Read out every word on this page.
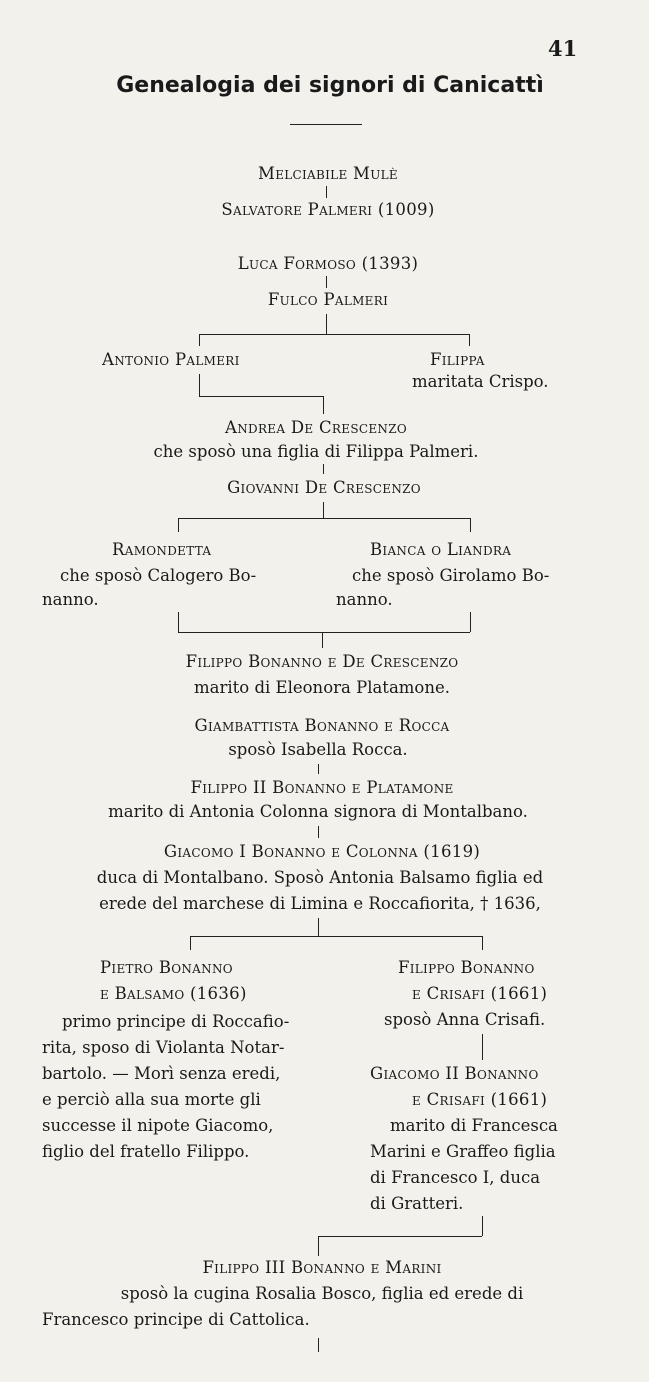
41
Genealogia dei signori di Canicattì
Melciabile Mulè
Salvatore Palmeri (1009)
Luca Formoso (1393)
Fulco Palmeri
Antonio Palmeri	Filippa
maritata Crispo.
Andrea De Crescenzo
che sposò una figlia di Filippa Palmeri.
Giovanni De Crescenzo
Ramondetta
che sposò Calogero Bo-
nanno.
Bianca o Liandra
che sposò Girolamo Bo-
nanno.
Filippo Bonanno e De Crescenzo
marito di Eleonora Platamone.
Giambattista Bonanno e Rocca
sposò Isabella Rocca.
Filippo II Bonanno e Platamone
marito di Antonia Colonna signora di Montalbano.
Giacomo I Bonanno e Colonna (1619)
duca di Montalbano. Sposò Antonia Balsamo figlia ed
erede del marchese di Limina e Roccafiorita, † 1636,
Pietro Bonanno
e Balsamo (1636)
primo principe di Roccafio-
rita, sposo di Violanta Notar-
bartolo. — Morì senza eredi,
e perciò alla sua morte gli
successe il nipote Giacomo,
figlio del fratello Filippo.
Filippo Bonanno
e Crisafi (1661)
sposò Anna Crisafi.
Giacomo II Bonanno
e Crisafi (1661)
marito di Francesca
Marini e Graffeo figlia
di Francesco I, duca
di Gratteri.
Filippo III Bonanno e Marini
sposò la cugina Rosalia Bosco, figlia ed erede di
Francesco principe di Cattolica.
